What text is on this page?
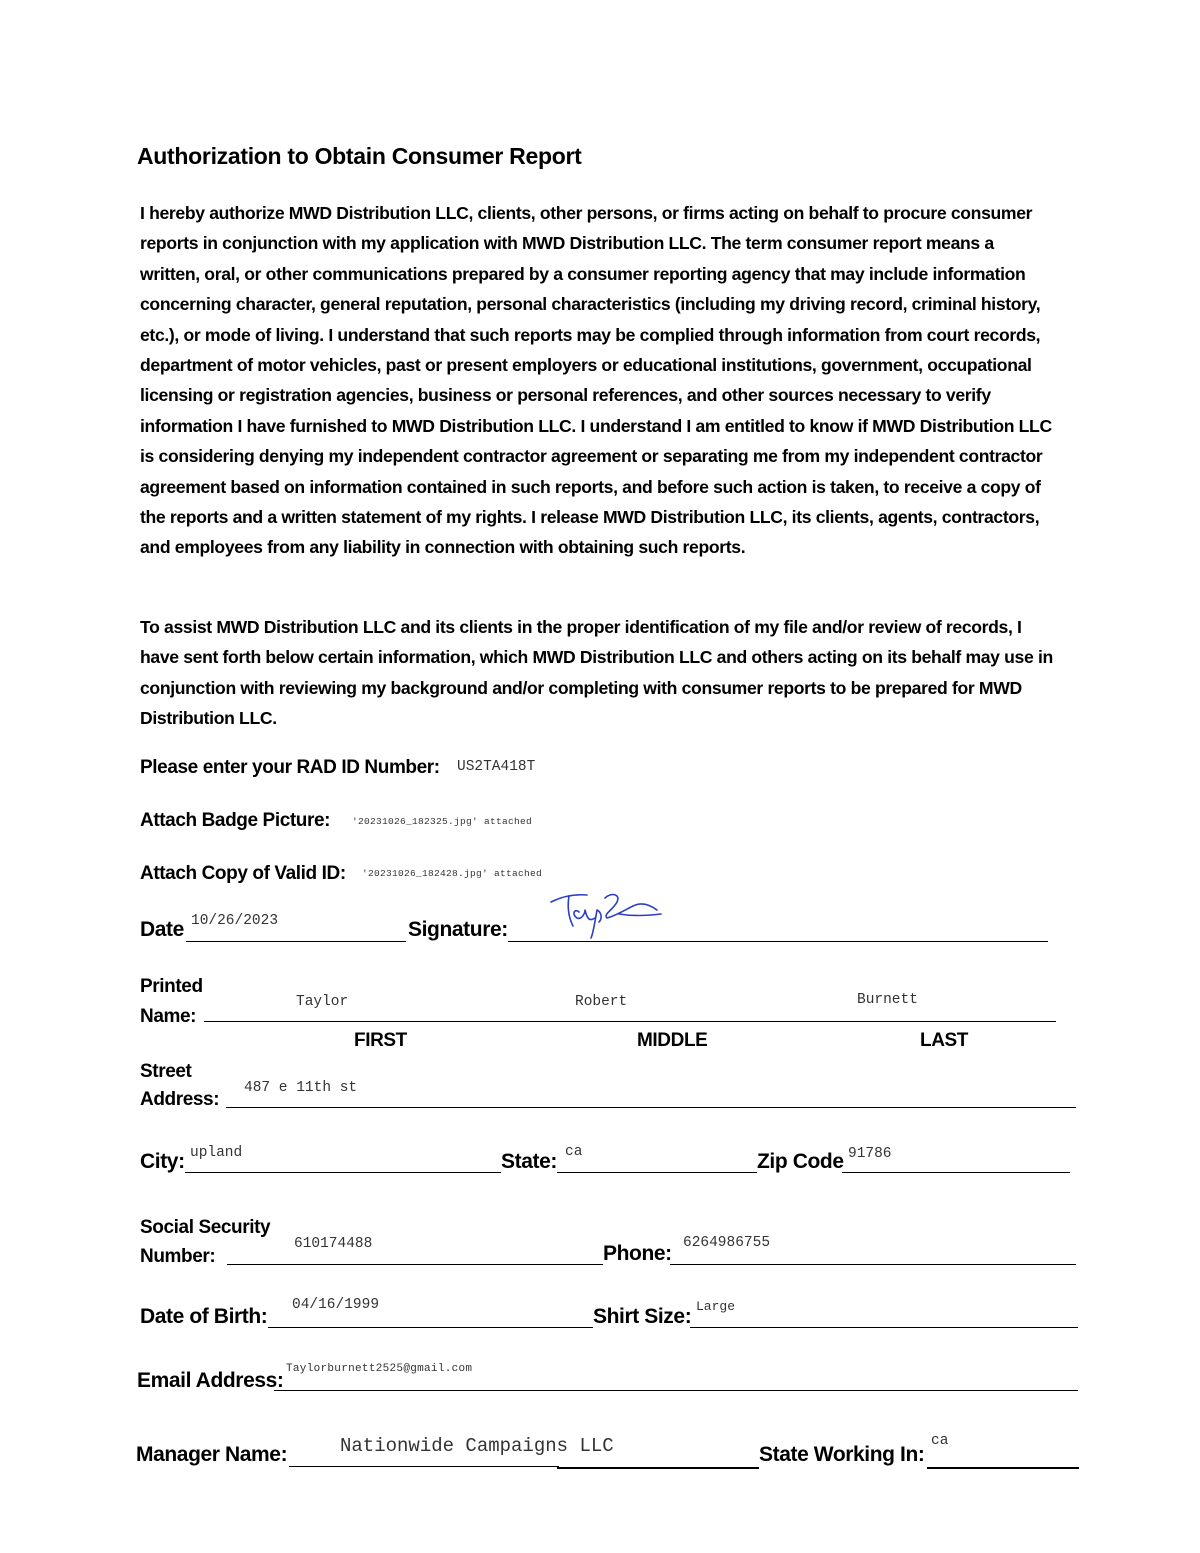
Authorization to Obtain Consumer Report
I hereby authorize MWD Distribution LLC, clients, other persons, or firms acting on behalf to procure consumer reports in conjunction with my application with MWD Distribution LLC. The term consumer report means a written, oral, or other communications prepared by a consumer reporting agency that may include information concerning character, general reputation, personal characteristics (including my driving record, criminal history, etc.), or mode of living. I understand that such reports may be complied through information from court records, department of motor vehicles, past or present employers or educational institutions, government, occupational licensing or registration agencies, business or personal references, and other sources necessary to verify information I have furnished to MWD Distribution LLC. I understand I am entitled to know if MWD Distribution LLC is considering denying my independent contractor agreement or separating me from my independent contractor agreement based on information contained in such reports, and before such action is taken, to receive a copy of the reports and a written statement of my rights. I release MWD Distribution LLC, its clients, agents, contractors, and employees from any liability in connection with obtaining such reports.
To assist MWD Distribution LLC and its clients in the proper identification of my file and/or review of records, I have sent forth below certain information, which MWD Distribution LLC and others acting on its behalf may use in conjunction with reviewing my background and/or completing with consumer reports to be prepared for MWD Distribution LLC.
Please enter your RAD ID Number: US2TA418T
Attach Badge Picture: '20231026_182325.jpg' attached
Attach Copy of Valid ID: '20231026_182428.jpg' attached
Date 10/26/2023	Signature:
Printed
Name:
Taylor	Robert	Burnett
FIRST	MIDDLE	LAST
Street
Address:
487 e 11th st
City: upland	State: ca	Zip Code 91786
Social Security
Number:
610174488	Phone: 6264986755
Date of Birth: 04/16/1999	Shirt Size: Large
Email Address: Taylorburnett2525@gmail.com
Manager Name:	Nationwide Campaigns LLC	State Working In:
ca
